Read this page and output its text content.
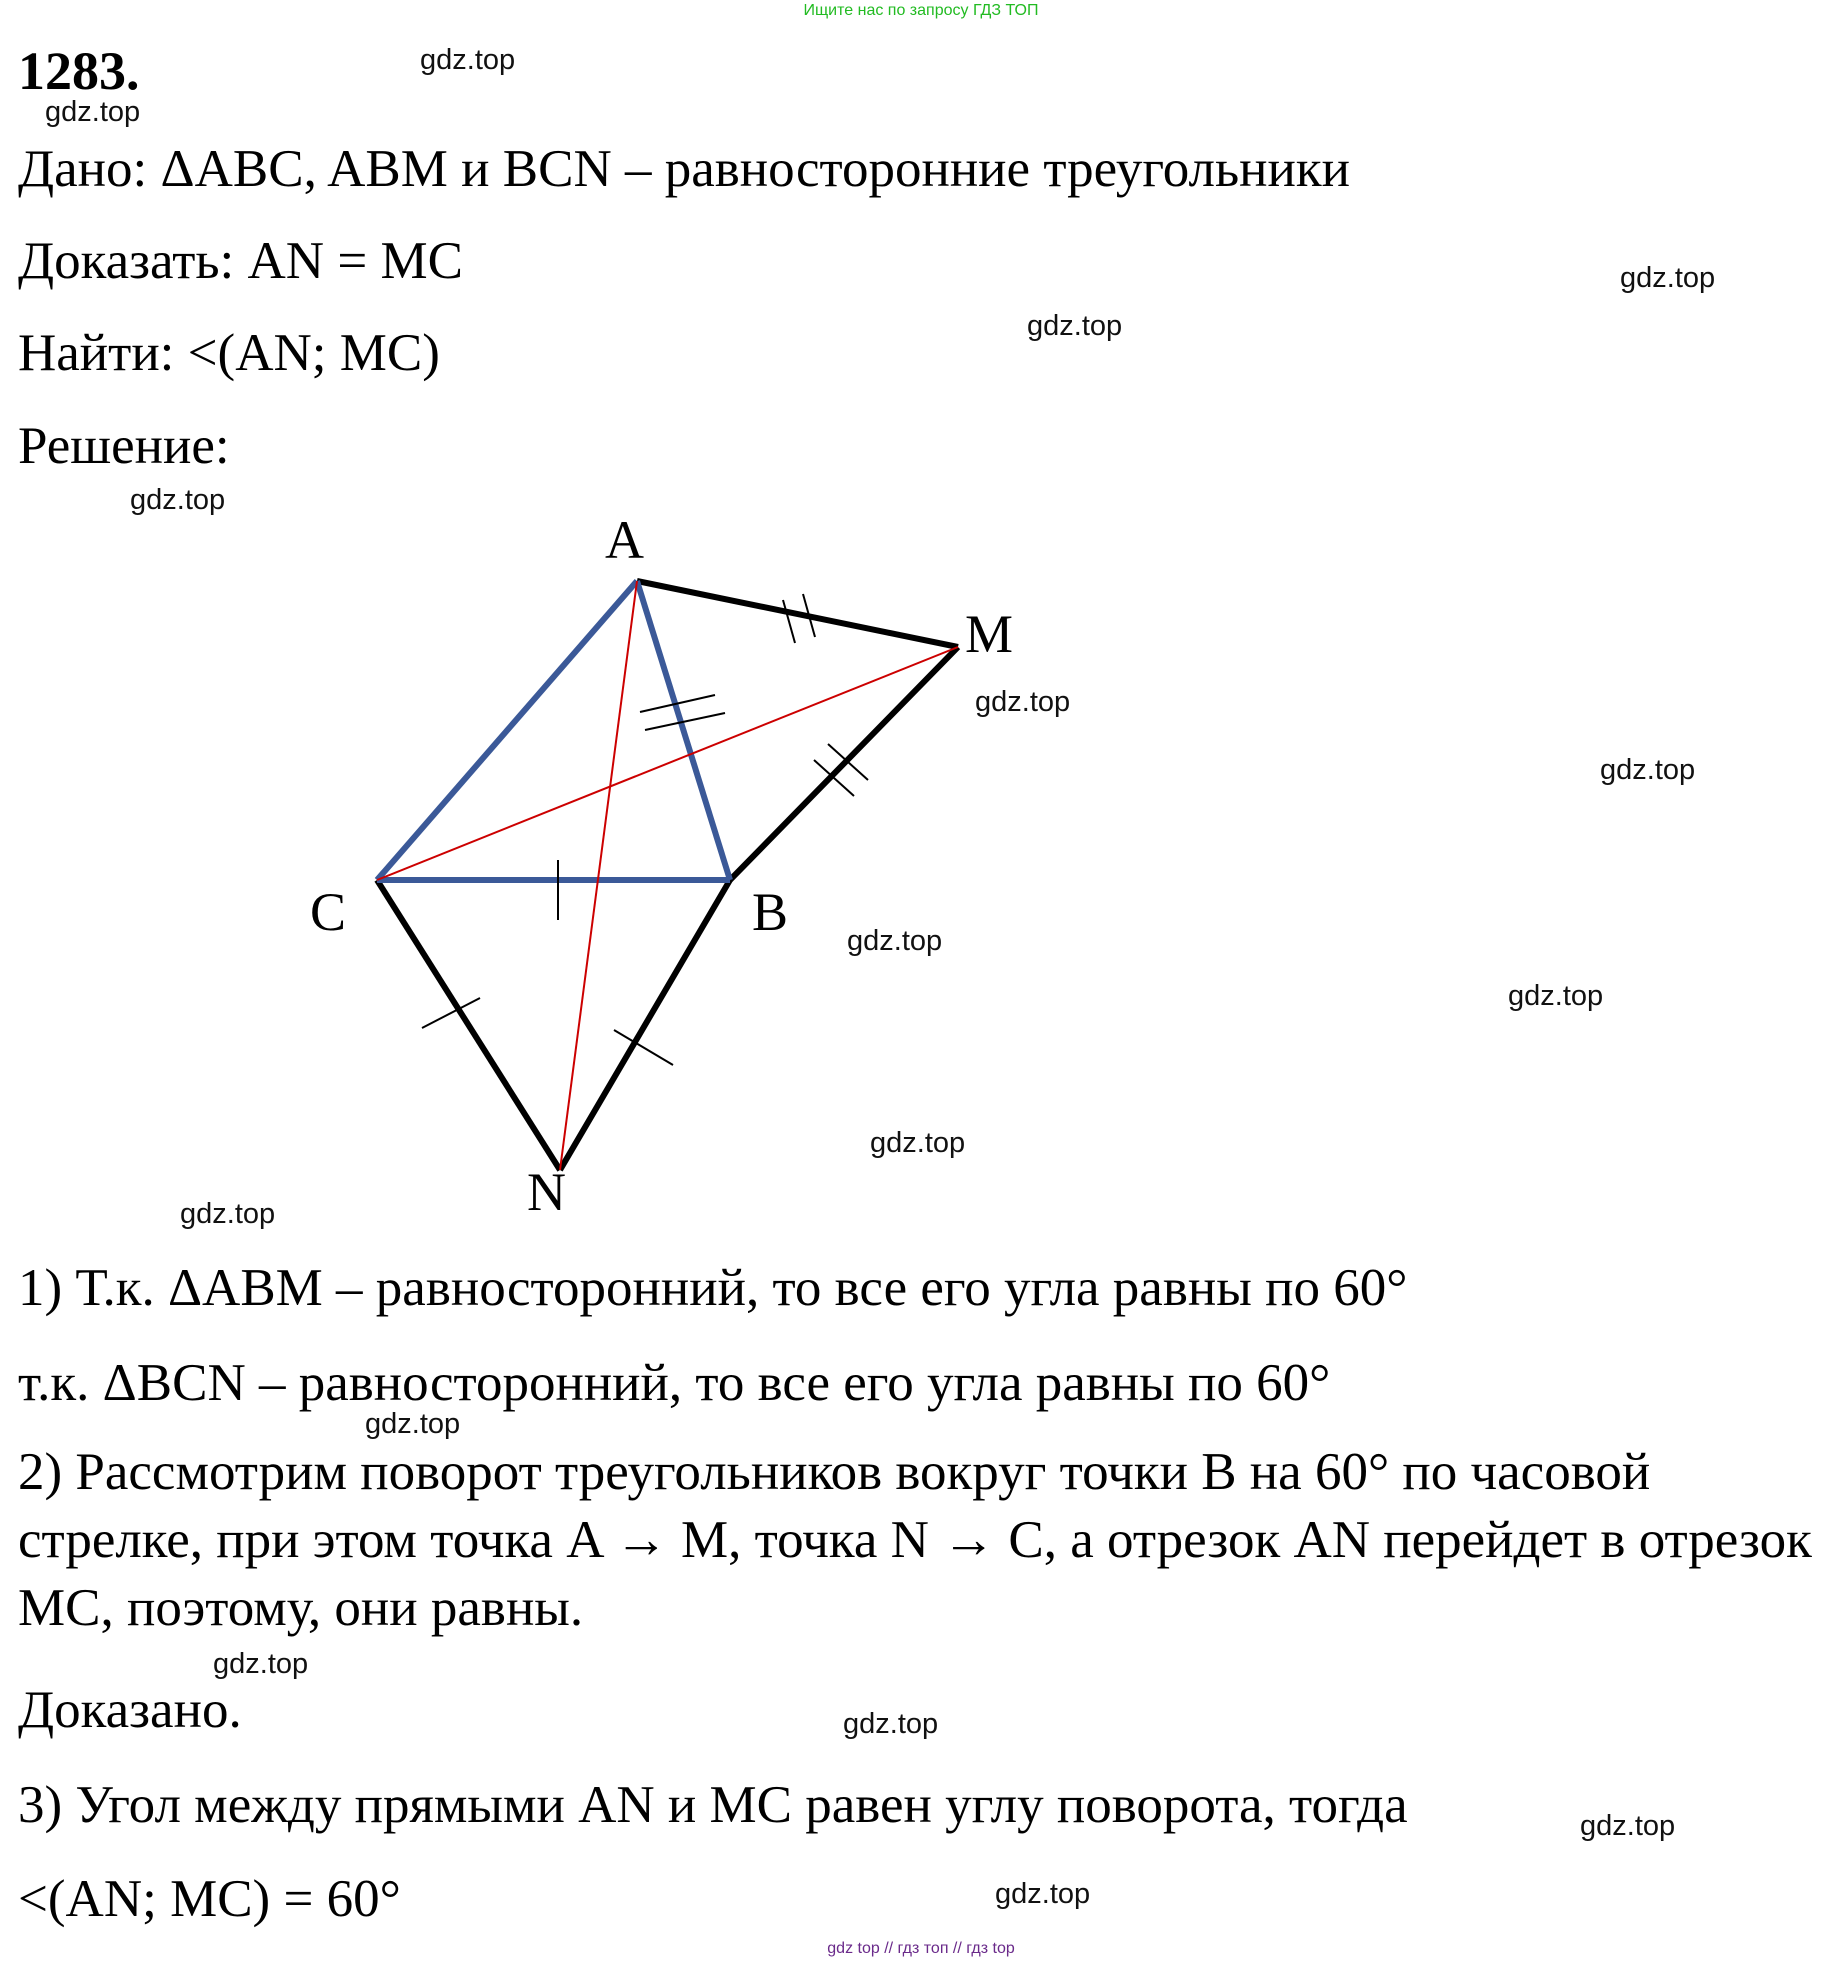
Ищите нас по запросу ГДЗ ТОП
1283.
Дано: ΔABC, ABM и BCN – равносторонние треугольники
Доказать: AN = MC
Найти: <(AN; MC)
Решение:
A
M
C	B
N
1) Т.к. ΔABM – равносторонний, то все его угла равны по 60°
т.к. ΔBCN – равносторонний, то все его угла равны по 60°
2) Рассмотрим поворот треугольников вокруг точки B на 60° по часовой стрелке, при этом точка A → M, точка N → C, а отрезок AN перейдет в отрезок MC, поэтому, они равны.
Доказано.
3) Угол между прямыми AN и MC равен углу поворота, тогда
<(AN; MC) = 60°
gdz.top
gdz.top
gdz.top
gdz.top
gdz.top
gdz.top
gdz.top
gdz.top
gdz.top
gdz.top
gdz.top
gdz.top
gdz.top
gdz.top
gdz.top
gdz.top
gdz top // гдз топ // гдз top
